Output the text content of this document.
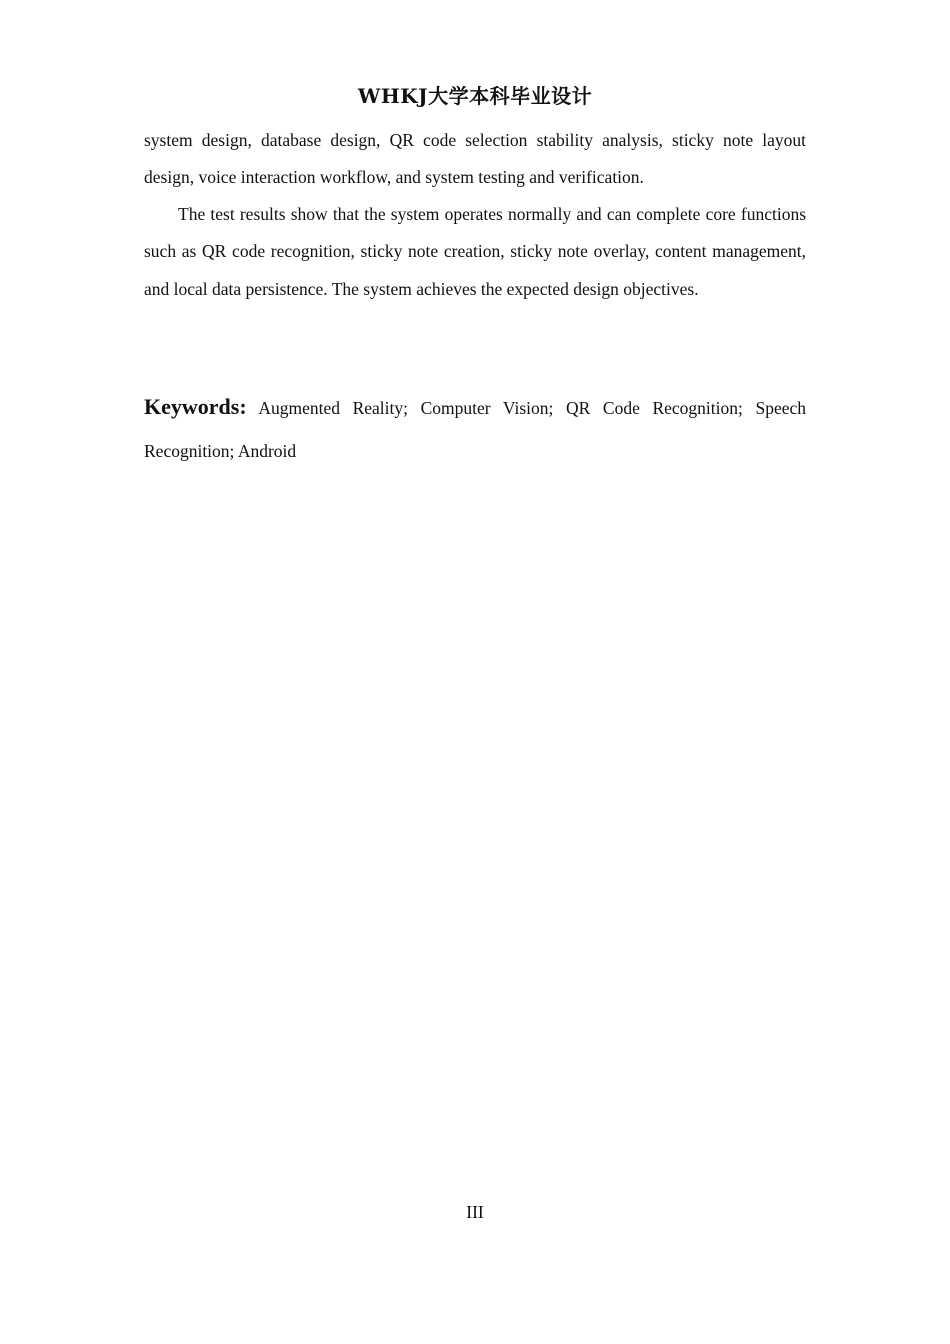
WHKJ大学本科毕业设计

system design, database design, QR code selection stability analysis, sticky note layout design, voice interaction workflow, and system testing and verification.

The test results show that the system operates normally and can complete core functions such as QR code recognition, sticky note creation, sticky note overlay, content management, and local data persistence. The system achieves the expected design objectives.

Keywords: Augmented Reality; Computer Vision; QR Code Recognition; Speech Recognition; Android

III
